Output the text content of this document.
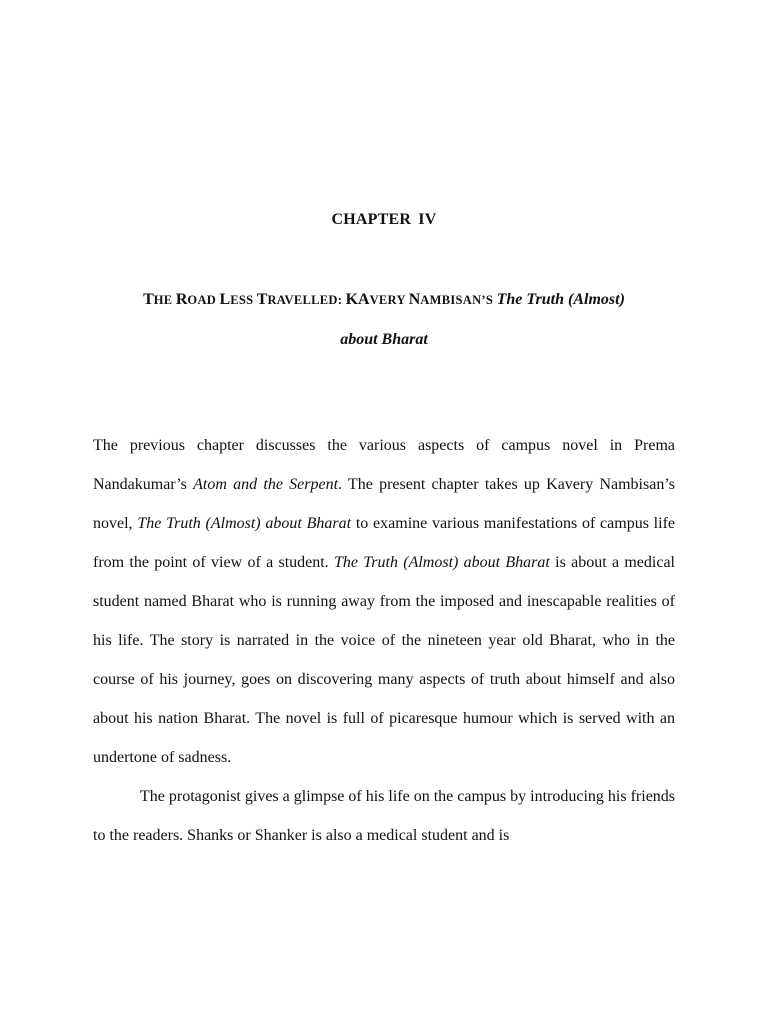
CHAPTER IV
THE ROAD LESS TRAVELLED: KAVERY NAMBISAN’S The Truth (Almost)
about Bharat

The previous chapter discusses the various aspects of campus novel in Prema Nandakumar’s Atom and the Serpent. The present chapter takes up Kavery Nambisan’s novel, The Truth (Almost) about Bharat to examine various manifestations of campus life from the point of view of a student. The Truth (Almost) about Bharat is about a medical student named Bharat who is running away from the imposed and inescapable realities of his life. The story is narrated in the voice of the nineteen year old Bharat, who in the course of his journey, goes on discovering many aspects of truth about himself and also about his nation Bharat. The novel is full of picaresque humour which is served with an undertone of sadness.

The protagonist gives a glimpse of his life on the campus by introducing his friends to the readers. Shanks or Shanker is also a medical student and is
